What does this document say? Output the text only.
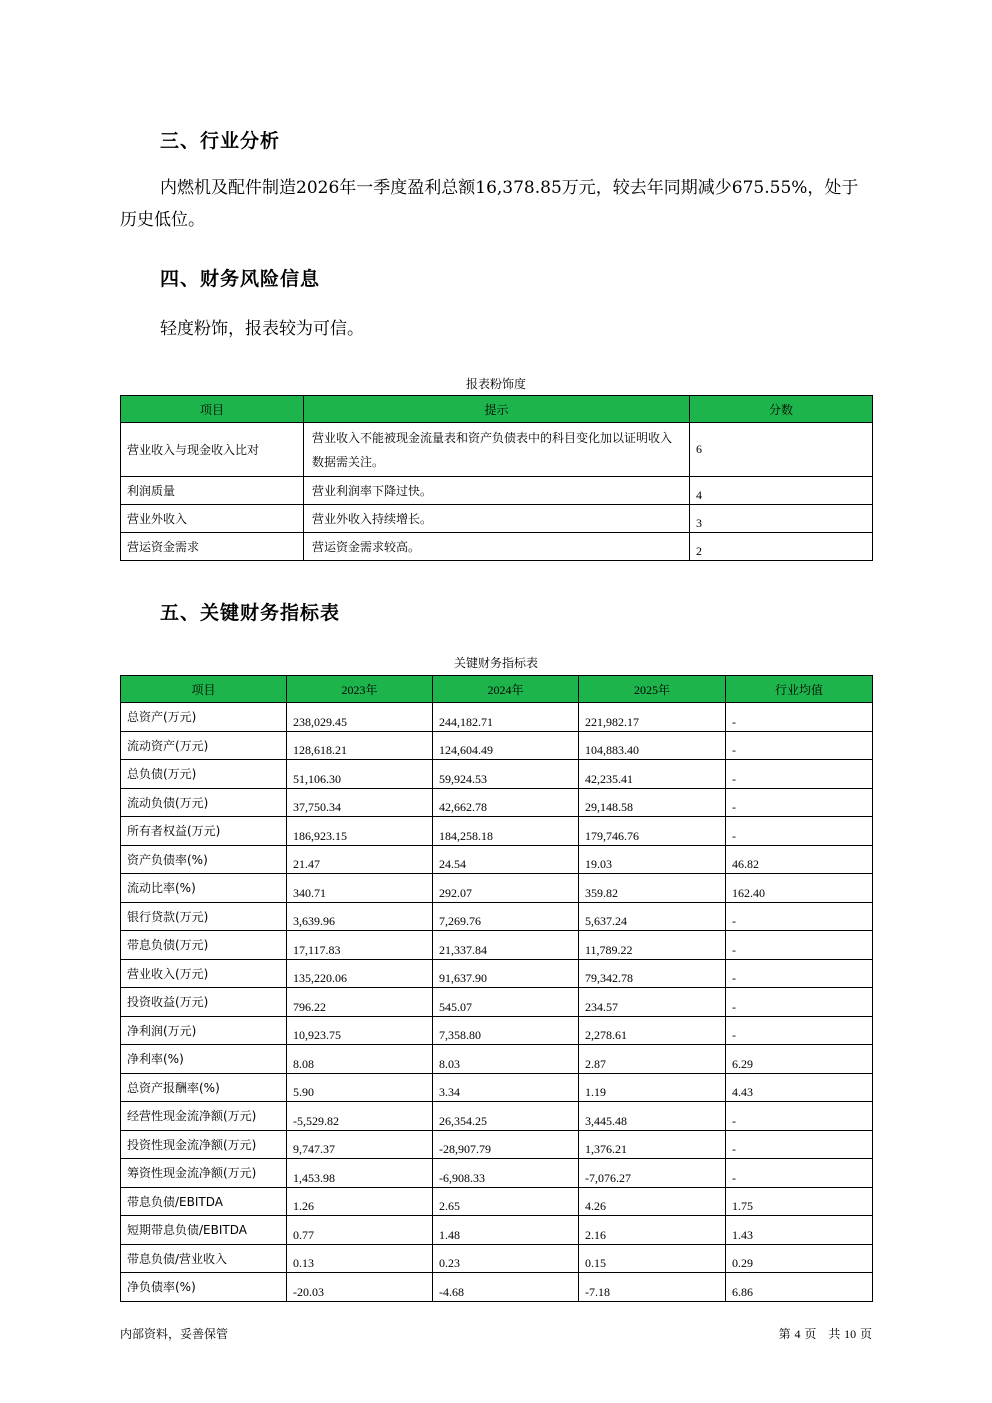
三、行业分析

内燃机及配件制造2026年一季度盈利总额16,378.85万元，较去年同期减少675.55%，处于历史低位。

四、财务风险信息

轻度粉饰，报表较为可信。

报表粉饰度

项目	提示	分数
营业收入与现金收入比对	营业收入不能被现金流量表和资产负债表中的科目变化加以证明收入数据需关注。	6
利润质量	营业利润率下降过快。	4
营业外收入	营业外收入持续增长。	3
营运资金需求	营运资金需求较高。	2
五、关键财务指标表

关键财务指标表

项目	2023年	2024年	2025年	行业均值
总资产(万元)	238,029.45	244,182.71	221,982.17	-
流动资产(万元)	128,618.21	124,604.49	104,883.40	-
总负债(万元)	51,106.30	59,924.53	42,235.41	-
流动负债(万元)	37,750.34	42,662.78	29,148.58	-
所有者权益(万元)	186,923.15	184,258.18	179,746.76	-
资产负债率(%)	21.47	24.54	19.03	46.82
流动比率(%)	340.71	292.07	359.82	162.40
银行贷款(万元)	3,639.96	7,269.76	5,637.24	-
带息负债(万元)	17,117.83	21,337.84	11,789.22	-
营业收入(万元)	135,220.06	91,637.90	79,342.78	-
投资收益(万元)	796.22	545.07	234.57	-
净利润(万元)	10,923.75	7,358.80	2,278.61	-
净利率(%)	8.08	8.03	2.87	6.29
总资产报酬率(%)	5.90	3.34	1.19	4.43
经营性现金流净额(万元)	-5,529.82	26,354.25	3,445.48	-
投资性现金流净额(万元)	9,747.37	-28,907.79	1,376.21	-
筹资性现金流净额(万元)	1,453.98	-6,908.33	-7,076.27	-
带息负债/EBITDA	1.26	2.65	4.26	1.75
短期带息负债/EBITDA	0.77	1.48	2.16	1.43
带息负债/营业收入	0.13	0.23	0.15	0.29
净负债率(%)	-20.03	-4.68	-7.18	6.86

内部资料，妥善保管	第 4 页　共 10 页
